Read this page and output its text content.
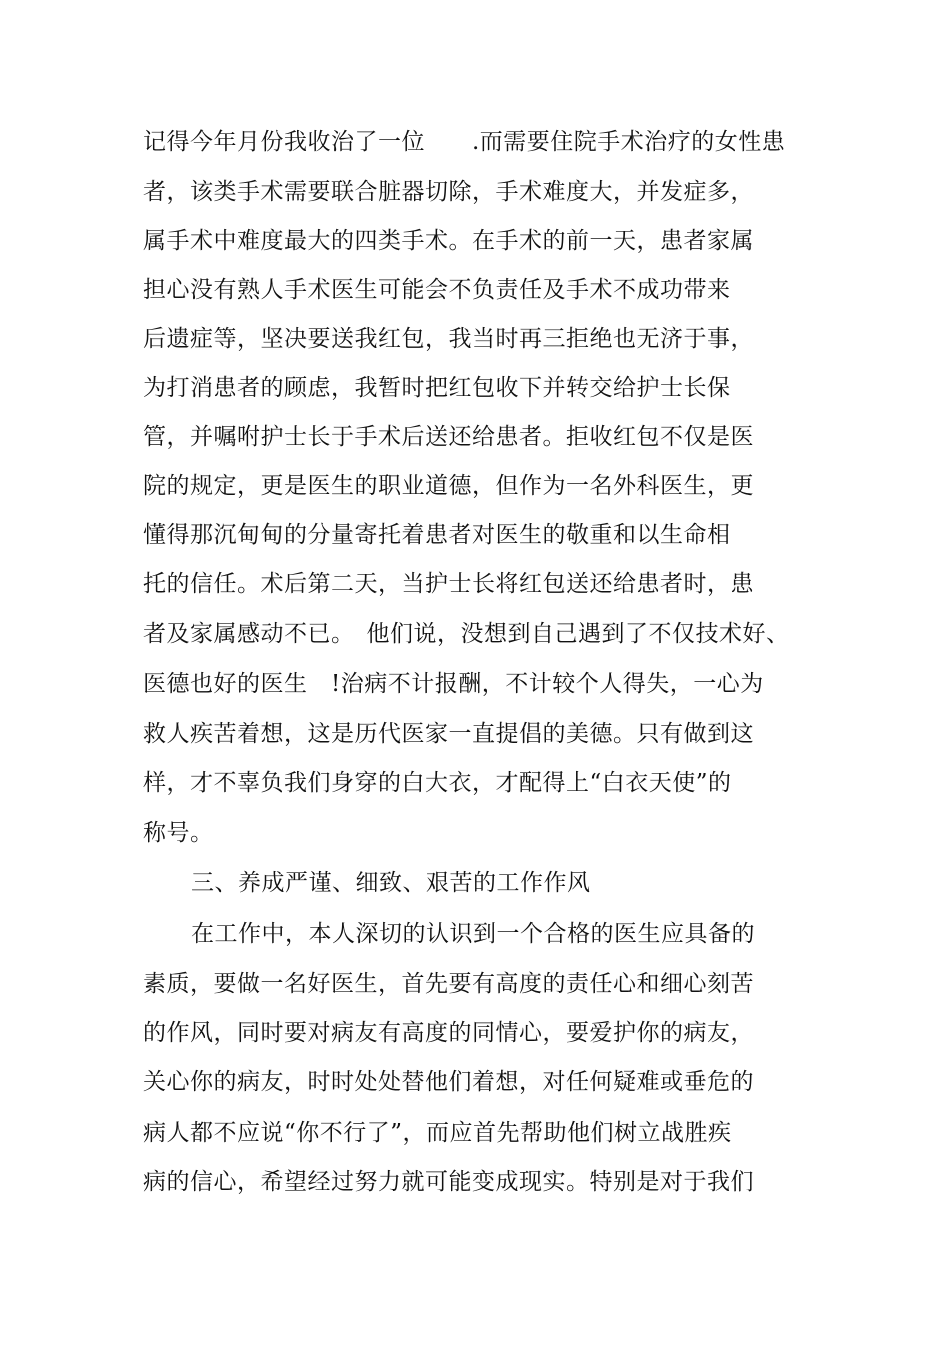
记得今年月份我收治了一位　　.而需要住院手术治疗的女性患
者，该类手术需要联合脏器切除，手术难度大，并发症多，
属手术中难度最大的四类手术。在手术的前一天，患者家属
担心没有熟人手术医生可能会不负责任及手术不成功带来
后遗症等，坚决要送我红包，我当时再三拒绝也无济于事，
为打消患者的顾虑，我暂时把红包收下并转交给护士长保
管，并嘱咐护士长于手术后送还给患者。拒收红包不仅是医
院的规定，更是医生的职业道德，但作为一名外科医生，更
懂得那沉甸甸的分量寄托着患者对医生的敬重和以生命相
托的信任。术后第二天，当护士长将红包送还给患者时，患
者及家属感动不已。　他们说，没想到自己遇到了不仅技术好、
医德也好的医生　!治病不计报酬，不计较个人得失，一心为
救人疾苦着想，这是历代医家一直提倡的美德。只有做到这
样，才不辜负我们身穿的白大衣，才配得上“白衣天使”的
称号。
三、养成严谨、细致、艰苦的工作作风
在工作中，本人深切的认识到一个合格的医生应具备的
素质，要做一名好医生，首先要有高度的责任心和细心刻苦
的作风，同时要对病友有高度的同情心，要爱护你的病友，
关心你的病友，时时处处替他们着想，对任何疑难或垂危的
病人都不应说“你不行了”，而应首先帮助他们树立战胜疾
病的信心，希望经过努力就可能变成现实。特别是对于我们
